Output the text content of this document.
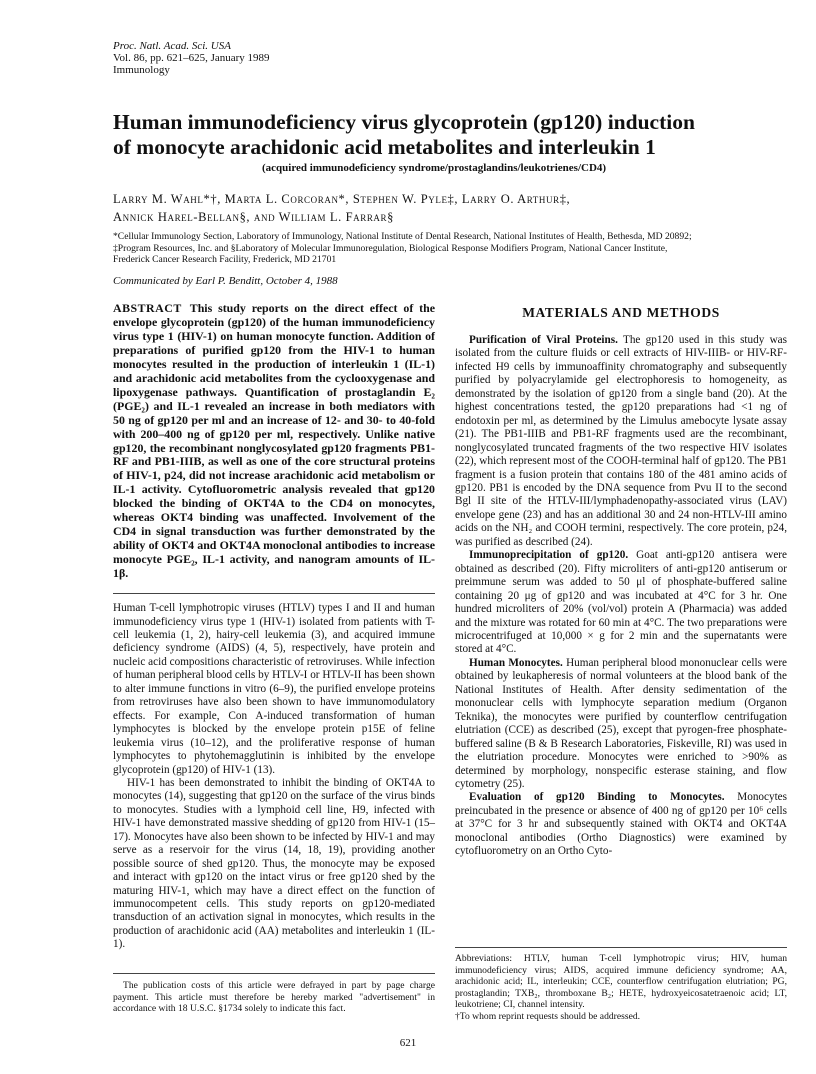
Proc. Natl. Acad. Sci. USA
Vol. 86, pp. 621–625, January 1989
Immunology
Human immunodeficiency virus glycoprotein (gp120) induction of monocyte arachidonic acid metabolites and interleukin 1
(acquired immunodeficiency syndrome/prostaglandins/leukotrienes/CD4)
Larry M. Wahl*†, Marta L. Corcoran*, Stephen W. Pyle‡, Larry O. Arthur‡,
Annick Harel-Bellan§, and William L. Farrar§
*Cellular Immunology Section, Laboratory of Immunology, National Institute of Dental Research, National Institutes of Health, Bethesda, MD 20892;
‡Program Resources, Inc. and §Laboratory of Molecular Immunoregulation, Biological Response Modifiers Program, National Cancer Institute,
Frederick Cancer Research Facility, Frederick, MD 21701
Communicated by Earl P. Benditt, October 4, 1988

ABSTRACT This study reports on the direct effect of the envelope glycoprotein (gp120) of the human immunodeficiency virus type 1 (HIV-1) on human monocyte function. Addition of preparations of purified gp120 from the HIV-1 to human monocytes resulted in the production of interleukin 1 (IL-1) and arachidonic acid metabolites from the cyclooxygenase and lipoxygenase pathways. Quantification of prostaglandin E₂ (PGE₂) and IL-1 revealed an increase in both mediators with 50 ng of gp120 per ml and an increase of 12- and 30- to 40-fold with 200–400 ng of gp120 per ml, respectively. Unlike native gp120, the recombinant nonglycosylated gp120 fragments PB1-RF and PB1-IIIB, as well as one of the core structural proteins of HIV-1, p24, did not increase arachidonic acid metabolism or IL-1 activity. Cytofluorometric analysis revealed that gp120 blocked the binding of OKT4A to the CD4 on monocytes, whereas OKT4 binding was unaffected. Involvement of the CD4 in signal transduction was further demonstrated by the ability of OKT4 and OKT4A monoclonal antibodies to increase monocyte PGE₂, IL-1 activity, and nanogram amounts of IL-1β.

Human T-cell lymphotropic viruses (HTLV) types I and II and human immunodeficiency virus type 1 (HIV-1) isolated from patients with T-cell leukemia (1, 2), hairy-cell leukemia (3), and acquired immune deficiency syndrome (AIDS) (4, 5), respectively, have protein and nucleic acid compositions characteristic of retroviruses. While infection of human peripheral blood cells by HTLV-I or HTLV-II has been shown to alter immune functions in vitro (6–9), the purified envelope proteins from retroviruses have also been shown to have immunomodulatory effects. For example, Con A-induced transformation of human lymphocytes is blocked by the envelope protein p15E of feline leukemia virus (10–12), and the proliferative response of human lymphocytes to phytohemagglutinin is inhibited by the envelope glycoprotein (gp120) of HIV-1 (13).

HIV-1 has been demonstrated to inhibit the binding of OKT4A to monocytes (14), suggesting that gp120 on the surface of the virus binds to monocytes. Studies with a lymphoid cell line, H9, infected with HIV-1 have demonstrated massive shedding of gp120 from HIV-1 (15–17). Monocytes have also been shown to be infected by HIV-1 and may serve as a reservoir for the virus (14, 18, 19), providing another possible source of shed gp120. Thus, the monocyte may be exposed and interact with gp120 on the intact virus or free gp120 shed by the maturing HIV-1, which may have a direct effect on the function of immunocompetent cells. This study reports on gp120-mediated transduction of an activation signal in monocytes, which results in the production of arachidonic acid (AA) metabolites and interleukin 1 (IL-1).

The publication costs of this article were defrayed in part by page charge payment. This article must therefore be hereby marked "advertisement" in accordance with 18 U.S.C. §1734 solely to indicate this fact.

MATERIALS AND METHODS

Purification of Viral Proteins. The gp120 used in this study was isolated from the culture fluids or cell extracts of HIV-IIIB- or HIV-RF-infected H9 cells by immunoaffinity chromatography and subsequently purified by polyacrylamide gel electrophoresis to homogeneity, as demonstrated by the isolation of gp120 from a single band (20). At the highest concentrations tested, the gp120 preparations had <1 ng of endotoxin per ml, as determined by the Limulus amebocyte lysate assay (21). The PB1-IIIB and PB1-RF fragments used are the recombinant, nonglycosylated truncated fragments of the two respective HIV isolates (22), which represent most of the COOH-terminal half of gp120. The PB1 fragment is a fusion protein that contains 180 of the 481 amino acids of gp120. PB1 is encoded by the DNA sequence from Pvu II to the second Bgl II site of the HTLV-III/lymphadenopathy-associated virus (LAV) envelope gene (23) and has an additional 30 and 24 non-HTLV-III amino acids on the NH₂ and COOH termini, respectively. The core protein, p24, was purified as described (24).

Immunoprecipitation of gp120. Goat anti-gp120 antisera were obtained as described (20). Fifty microliters of anti-gp120 antiserum or preimmune serum was added to 50 μl of phosphate-buffered saline containing 20 μg of gp120 and was incubated at 4°C for 3 hr. One hundred microliters of 20% (vol/vol) protein A (Pharmacia) was added and the mixture was rotated for 60 min at 4°C. The two preparations were microcentrifuged at 10,000 × g for 2 min and the supernatants were stored at 4°C.

Human Monocytes. Human peripheral blood mononuclear cells were obtained by leukapheresis of normal volunteers at the blood bank of the National Institutes of Health. After density sedimentation of the mononuclear cells with lymphocyte separation medium (Organon Teknika), the monocytes were purified by counterflow centrifugation elutriation (CCE) as described (25), except that pyrogen-free phosphate-buffered saline (B & B Research Laboratories, Fiskeville, RI) was used in the elutriation procedure. Monocytes were enriched to >90% as determined by morphology, nonspecific esterase staining, and flow cytometry (25).

Evaluation of gp120 Binding to Monocytes. Monocytes preincubated in the presence or absence of 400 ng of gp120 per 10⁶ cells at 37°C for 3 hr and subsequently stained with OKT4 and OKT4A monoclonal antibodies (Ortho Diagnostics) were examined by cytofluorometry on an Ortho Cyto-

Abbreviations: HTLV, human T-cell lymphotropic virus; HIV, human immunodeficiency virus; AIDS, acquired immune deficiency syndrome; AA, arachidonic acid; IL, interleukin; CCE, counterflow centrifugation elutriation; PG, prostaglandin; TXB₂, thromboxane B₂; HETE, hydroxyeicosatetraenoic acid; LT, leukotriene; CI, channel intensity.

†To whom reprint requests should be addressed.

621
